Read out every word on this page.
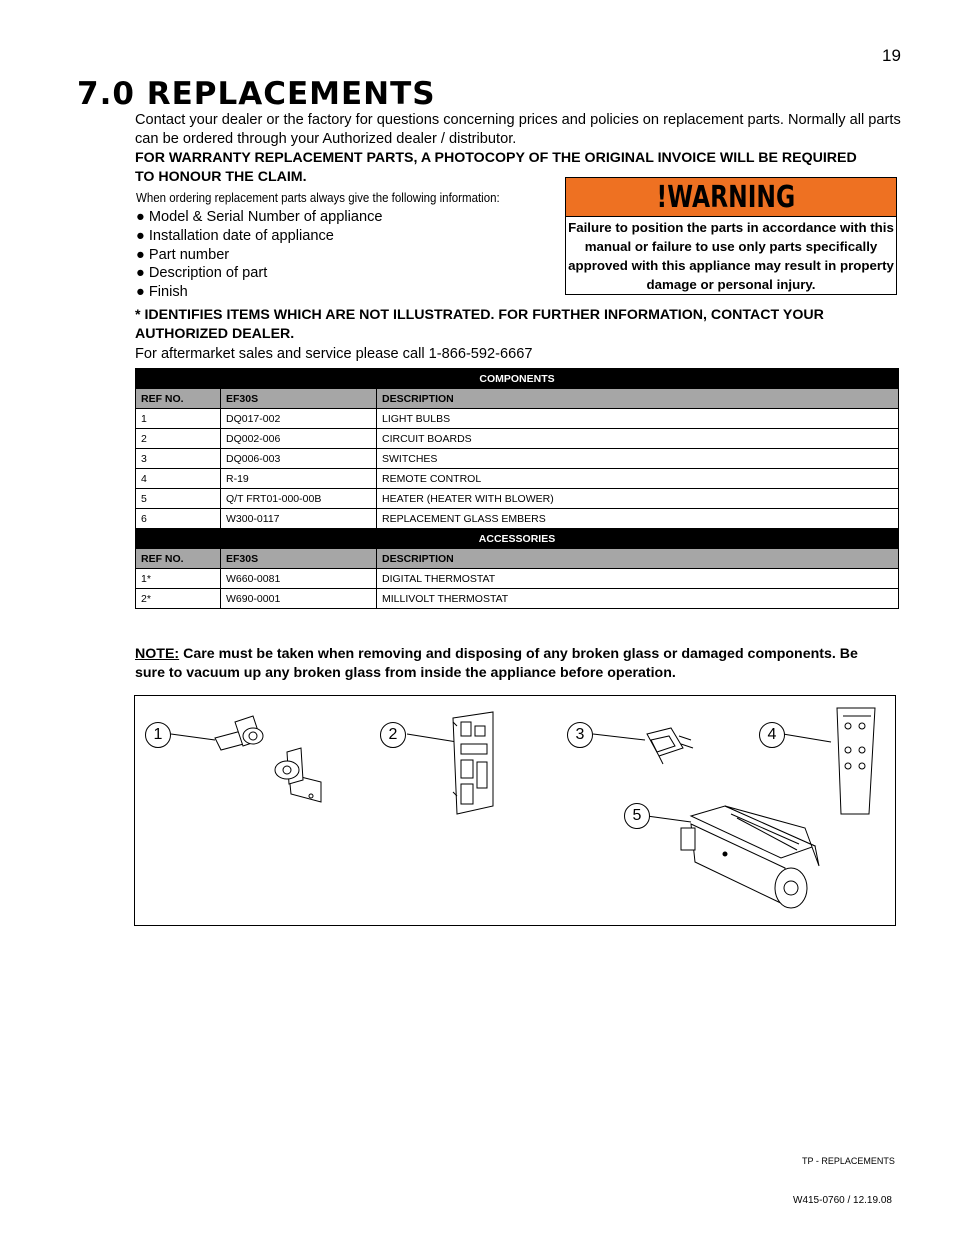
19
7.0 REPLACEMENTS
Contact your dealer or the factory for questions concerning prices and policies on replacement parts. Normally all parts can be ordered through your Authorized dealer / distributor.
FOR WARRANTY REPLACEMENT PARTS, A PHOTOCOPY OF THE ORIGINAL INVOICE WILL BE REQUIRED TO HONOUR THE CLAIM.
When ordering replacement parts always give the following information:
● Model & Serial Number of appliance
● Installation date of appliance
● Part number
● Description of part
● Finish
!WARNING
Failure to position the parts in accordance with this manual or failure to use only parts specifically approved with this appliance may result in property damage or personal injury.
* IDENTIFIES ITEMS WHICH ARE NOT ILLUSTRATED. FOR FURTHER INFORMATION, CONTACT YOUR AUTHORIZED DEALER.
For aftermarket sales and service please call 1-866-592-6667
COMPONENTS		
REF NO.	EF30S	DESCRIPTION
1	DQ017-002	LIGHT BULBS
2	DQ002-006	CIRCUIT BOARDS
3	DQ006-003	SWITCHES
4	R-19	REMOTE CONTROL
5	Q/T FRT01-000-00B	HEATER (HEATER WITH BLOWER)
6	W300-0117	REPLACEMENT GLASS EMBERS
ACCESSORIES		
REF NO.	EF30S	DESCRIPTION
1*	W660-0081	DIGITAL THERMOSTAT
2*	W690-0001	MILLIVOLT THERMOSTAT
NOTE: Care must be taken when removing and disposing of any broken glass or damaged components. Be sure to vacuum up any broken glass from inside the appliance before operation.
1	2	3	4
5
TP - REPLACEMENTS
W415-0760 / 12.19.08
